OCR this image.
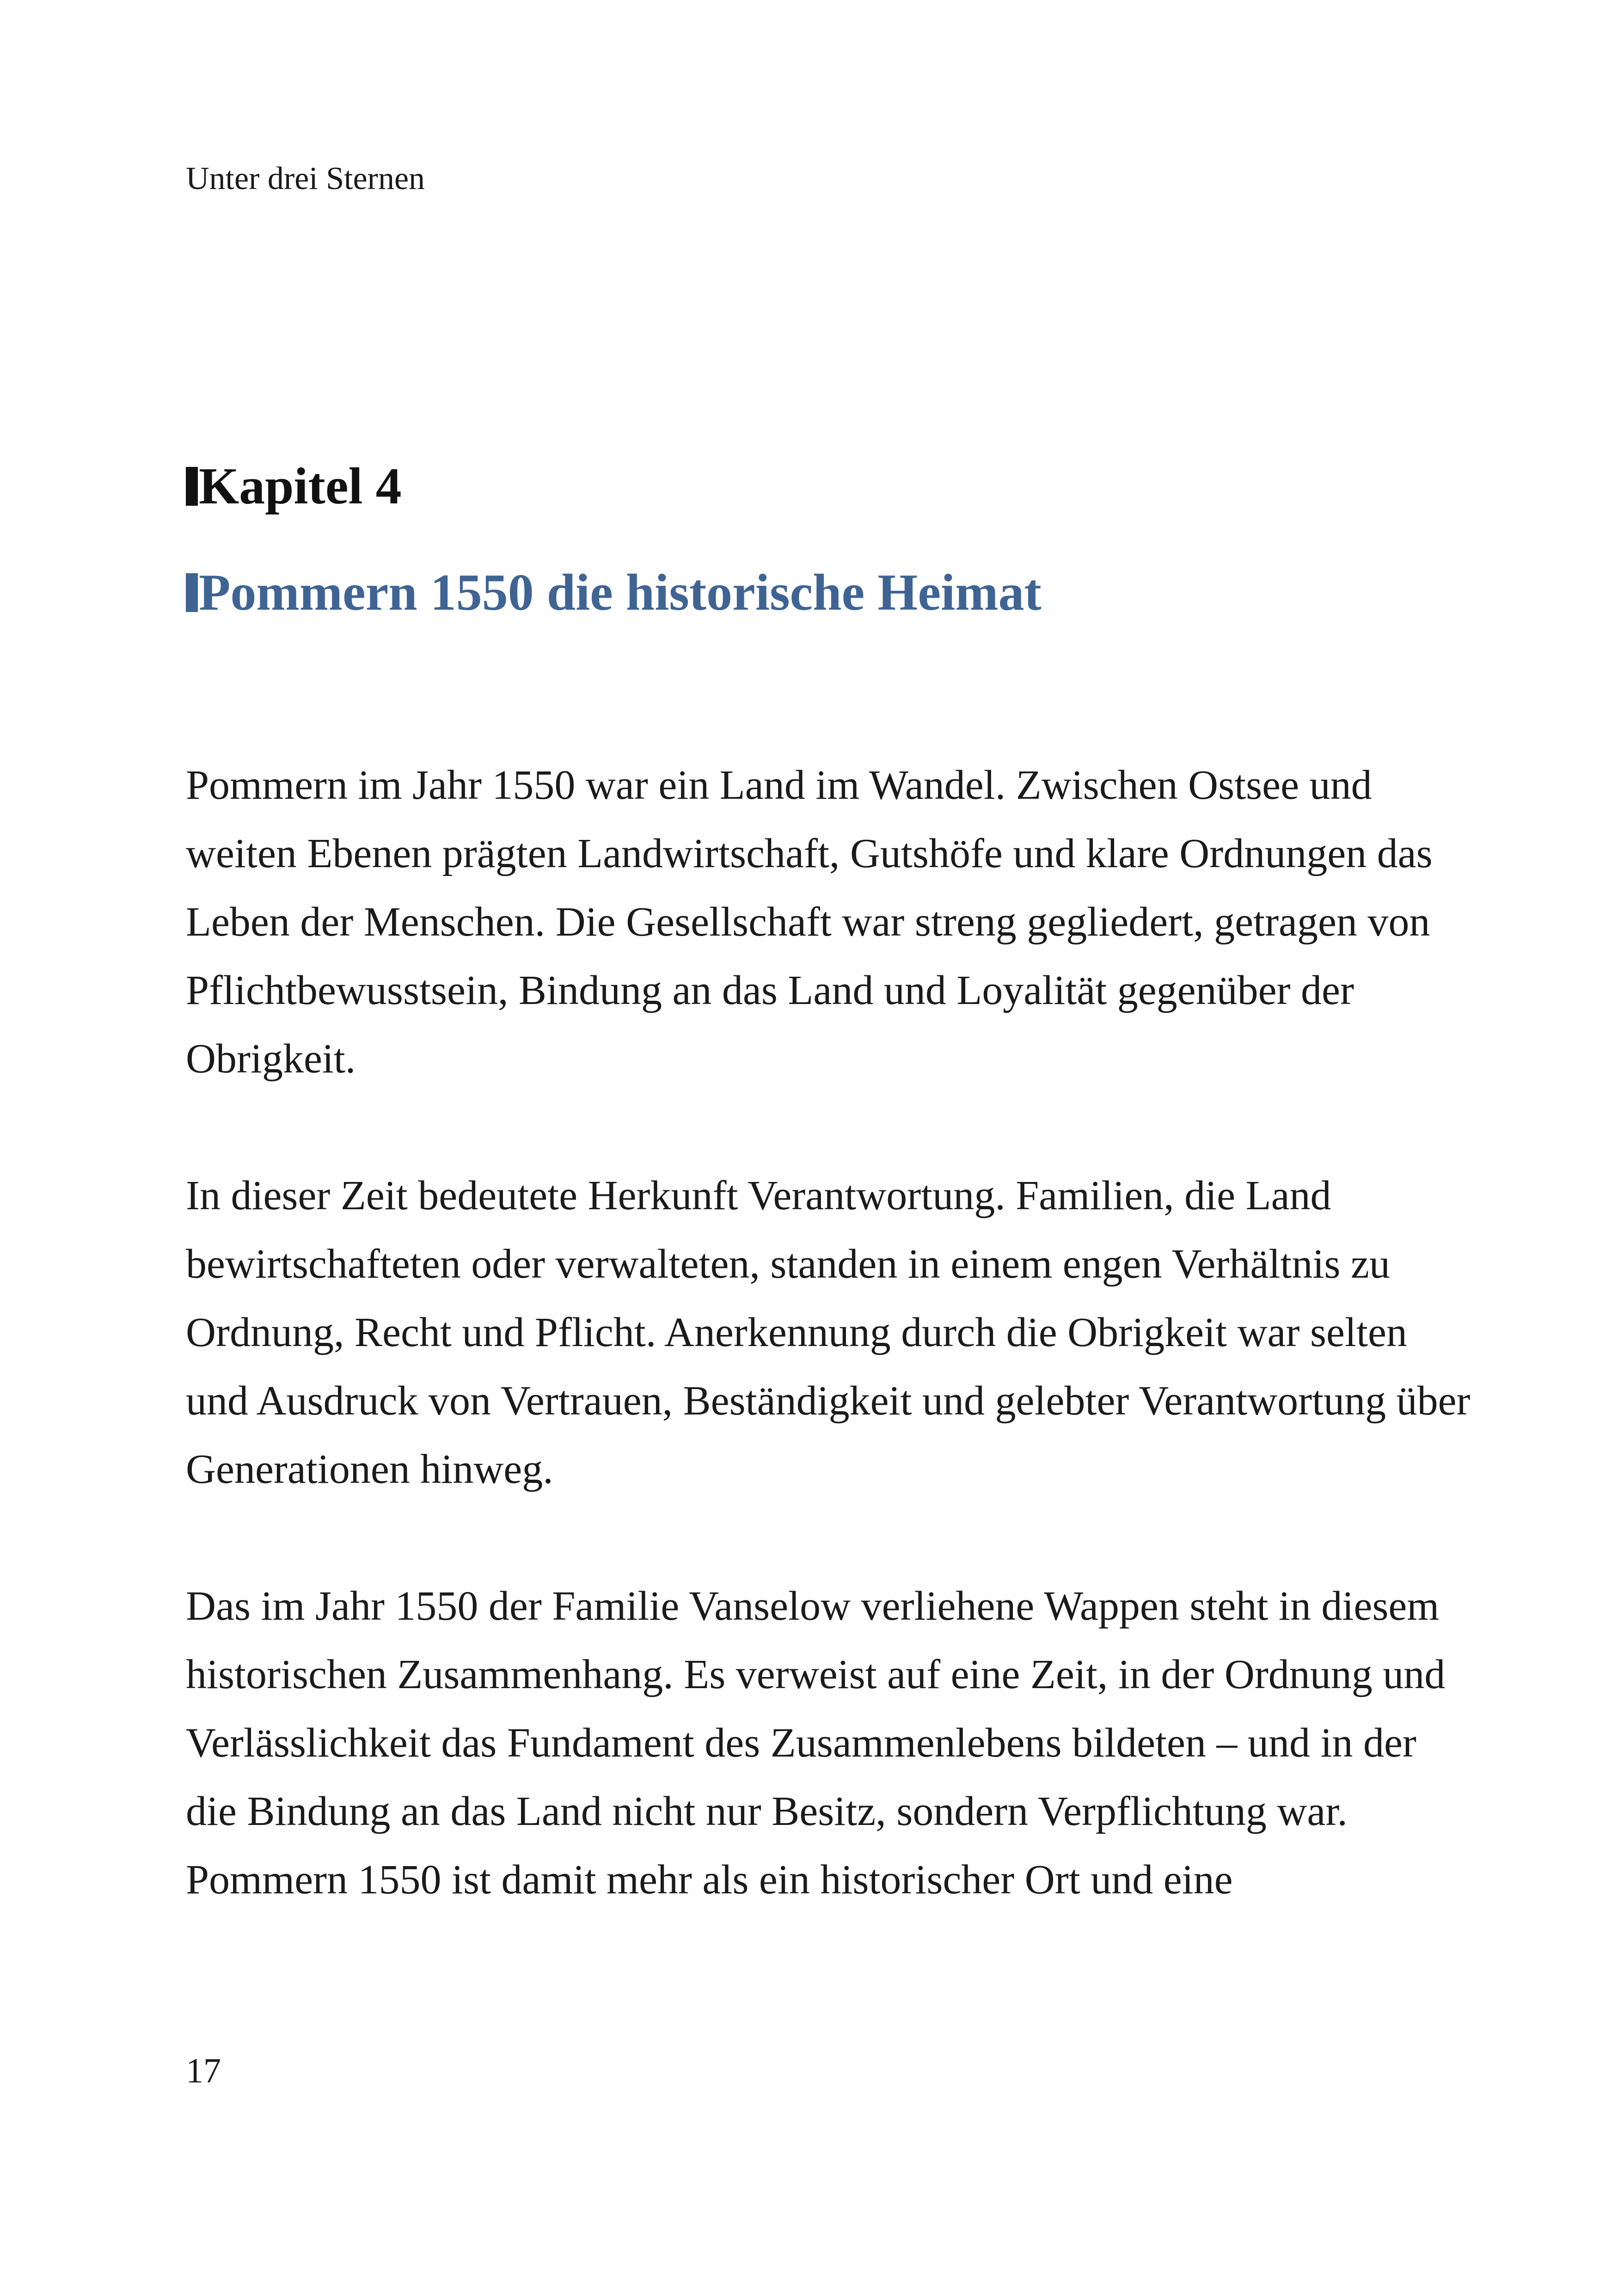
Unter drei Sternen
Kapitel 4
Pommern 1550 die historische Heimat

Pommern im Jahr 1550 war ein Land im Wandel. Zwischen Ostsee und weiten Ebenen prägten Landwirtschaft, Gutshöfe und klare Ordnungen das Leben der Menschen. Die Gesellschaft war streng gegliedert, getragen von Pflichtbewusstsein, Bindung an das Land und Loyalität gegenüber der Obrigkeit.

In dieser Zeit bedeutete Herkunft Verantwortung. Familien, die Land bewirtschafteten oder verwalteten, standen in einem engen Verhältnis zu Ordnung, Recht und Pflicht. Anerkennung durch die Obrigkeit war selten und Ausdruck von Vertrauen, Beständigkeit und gelebter Verantwortung über Generationen hinweg.

Das im Jahr 1550 der Familie Vanselow verliehene Wappen steht in diesem historischen Zusammenhang. Es verweist auf eine Zeit, in der Ordnung und Verlässlichkeit das Fundament des Zusammenlebens bildeten – und in der die Bindung an das Land nicht nur Besitz, sondern Verpflichtung war.

Pommern 1550 ist damit mehr als ein historischer Ort und eine

17
